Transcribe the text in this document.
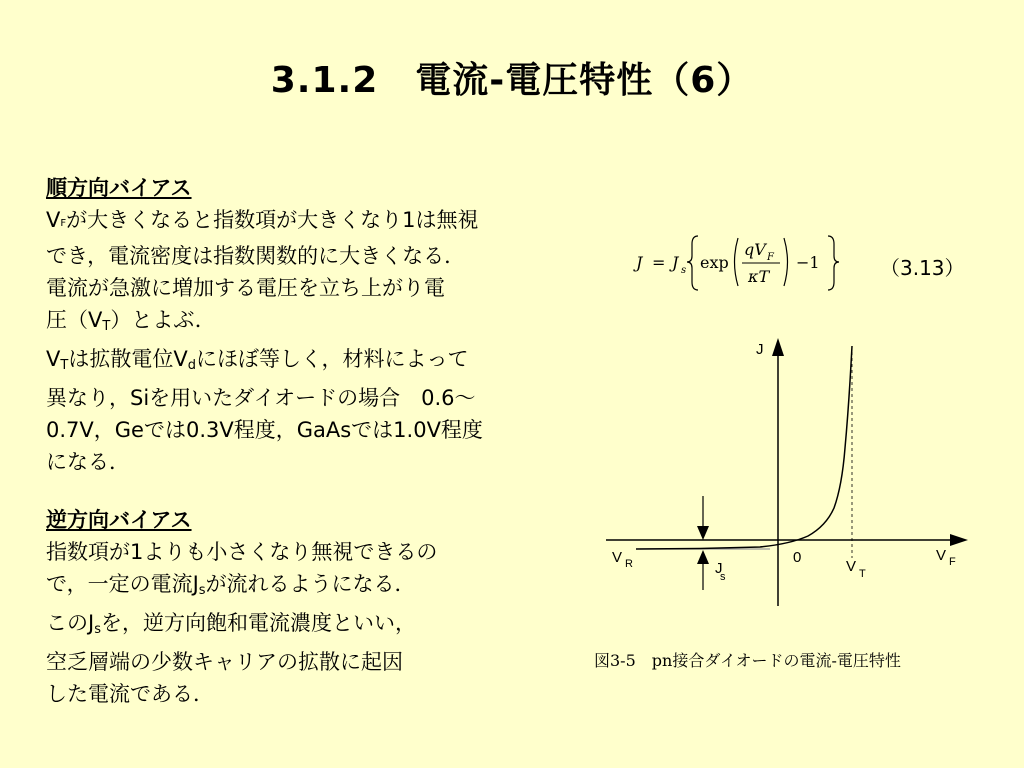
3.1.2　電流-電圧特性（6）
順方向バイアス
$V_F$が大きくなると指数項が大きくなり1は無視
でき，電流密度は指数関数的に大きくなる．
電流が急激に増加する電圧を立ち上がり電
圧$(V_T)$とよぶ．
$V_T$は拡散電位$V_d$にほぼ等しく，材料によって
異なり，Siを用いたダイオードの場合　0.6～
0.7V，Geでは0.3V程度，GaAsでは1.0V程度
になる．
逆方向バイアス
指数項が1よりも小さくなり無視できるの
で，一定の電流$J_s$が流れるようになる．
この$J_s$を，逆方向飽和電流濃度といい，
空乏層端の少数キャリアの拡散に起因
した電流である．
J = J s exp
qV F
κT
−1	（3.13）
J
0
V R	V T
V F
J
s
図3-5　pn接合ダイオードの電流-電圧特性
